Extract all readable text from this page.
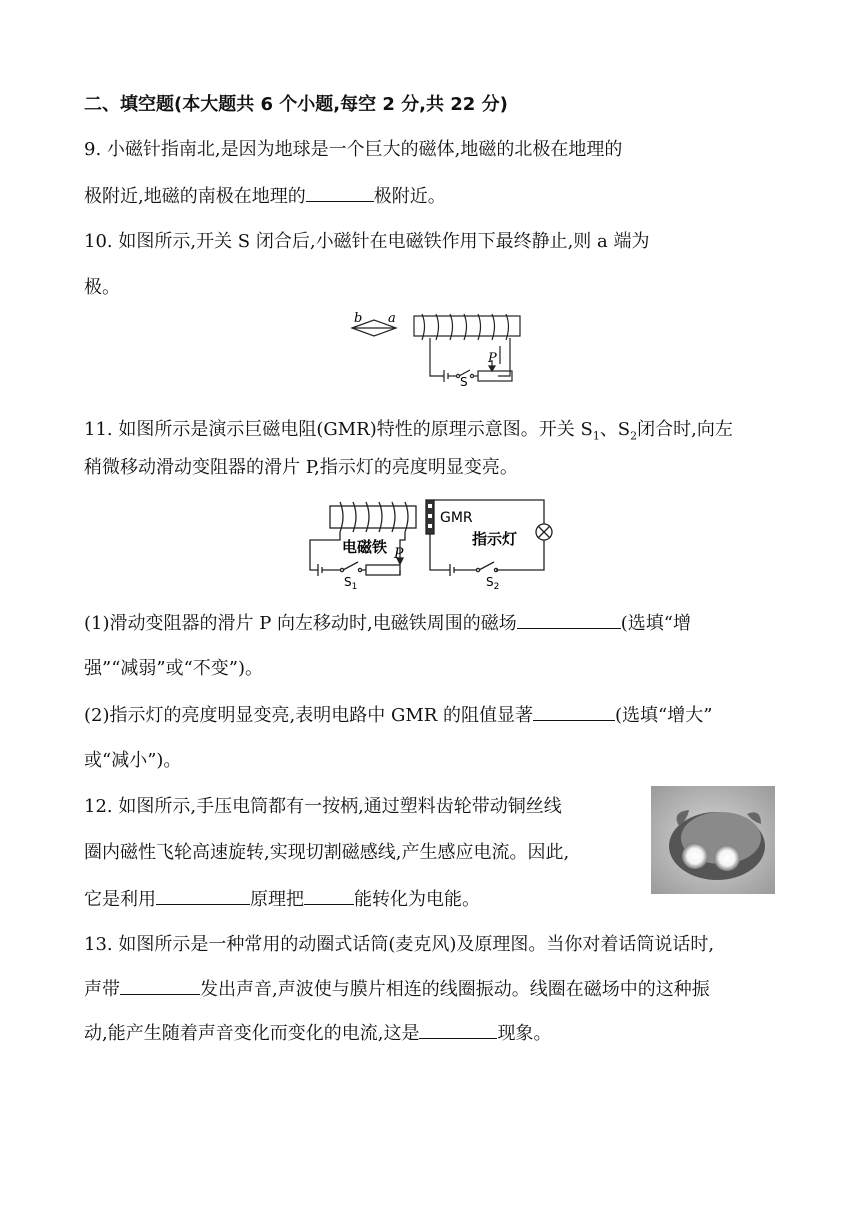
二、填空题(本大题共 6 个小题,每空 2 分,共 22 分)
9. 小磁针指南北,是因为地球是一个巨大的磁体,地磁的北极在地理的
极附近,地磁的南极在地理的	极附近。
10. 如图所示,开关 S 闭合后,小磁针在电磁铁作用下最终静止,则 a 端为
极。
b a
P
S
11. 如图所示是演示巨磁电阻(GMR)特性的原理示意图。开关 $S_1$、$S_2$闭合时,向左
稍微移动滑动变阻器的滑片 P,指示灯的亮度明显变亮。
电磁铁 P
$S_1$
GMR
指示灯
$S_2$
(1)滑动变阻器的滑片 P 向左移动时,电磁铁周围的磁场	(选填“增
强”“减弱”或“不变”)。
(2)指示灯的亮度明显变亮,表明电路中 GMR 的阻值显著	(选填“增大”
或“减小”)。
12. 如图所示,手压电筒都有一按柄,通过塑料齿轮带动铜丝线
圈内磁性飞轮高速旋转,实现切割磁感线,产生感应电流。因此,
它是利用	原理把	能转化为电能。
13. 如图所示是一种常用的动圈式话筒(麦克风)及原理图。当你对着话筒说话时,
声带	发出声音,声波使与膜片相连的线圈振动。线圈在磁场中的这种振
动,能产生随着声音变化而变化的电流,这是	现象。
